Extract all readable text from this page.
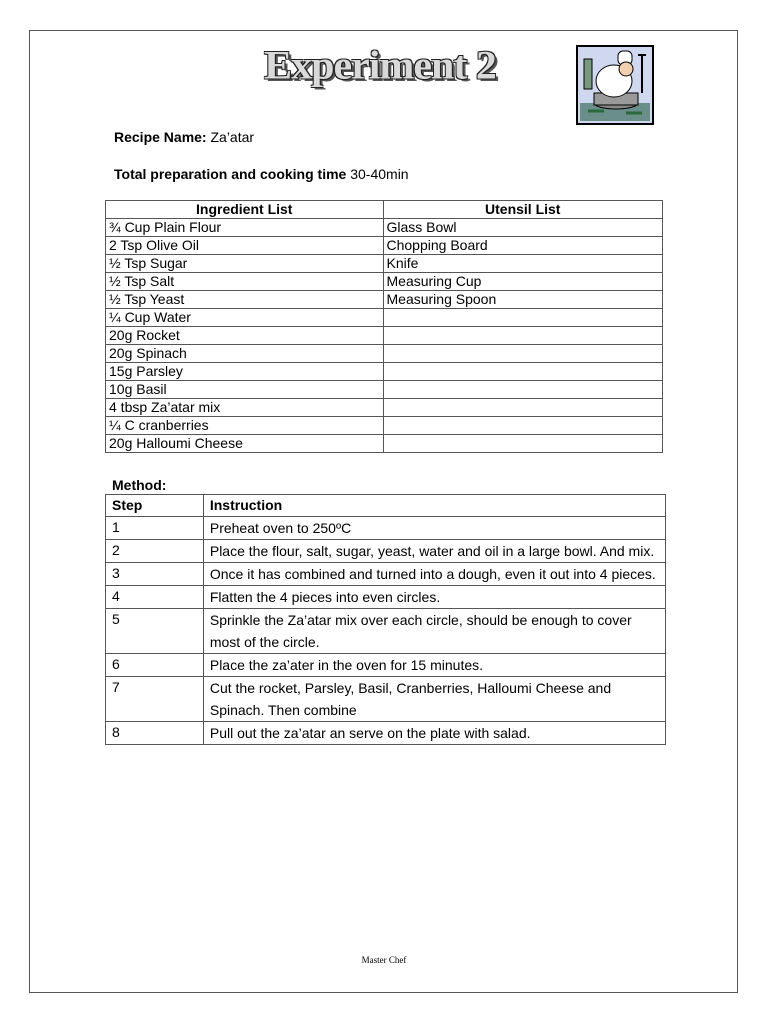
Experiment 2
Recipe Name: Za’atar
Total preparation and cooking time 30-40min
Ingredient List	Utensil List
¾ Cup Plain Flour	Glass Bowl
2 Tsp Olive Oil	Chopping Board
½ Tsp Sugar	Knife
½ Tsp Salt	Measuring Cup
½ Tsp Yeast	Measuring Spoon
¼ Cup Water	
20g Rocket	
20g Spinach	
15g Parsley	
10g Basil	
4 tbsp Za’atar mix	
¼ C cranberries	
20g Halloumi Cheese	
Method:
Step	Instruction
1	Preheat oven to 250ºC
2	Place the flour, salt, sugar, yeast, water and oil in a large bowl. And mix.
3	Once it has combined and turned into a dough, even it out into 4 pieces.
4	Flatten the 4 pieces into even circles.
5	Sprinkle the Za’atar mix over each circle, should be enough to cover most of the circle.
6	Place the za’ater in the oven for 15 minutes.
7	Cut the rocket, Parsley, Basil, Cranberries, Halloumi Cheese and Spinach. Then combine
8	Pull out the za’atar an serve on the plate with salad.
Master Chef
